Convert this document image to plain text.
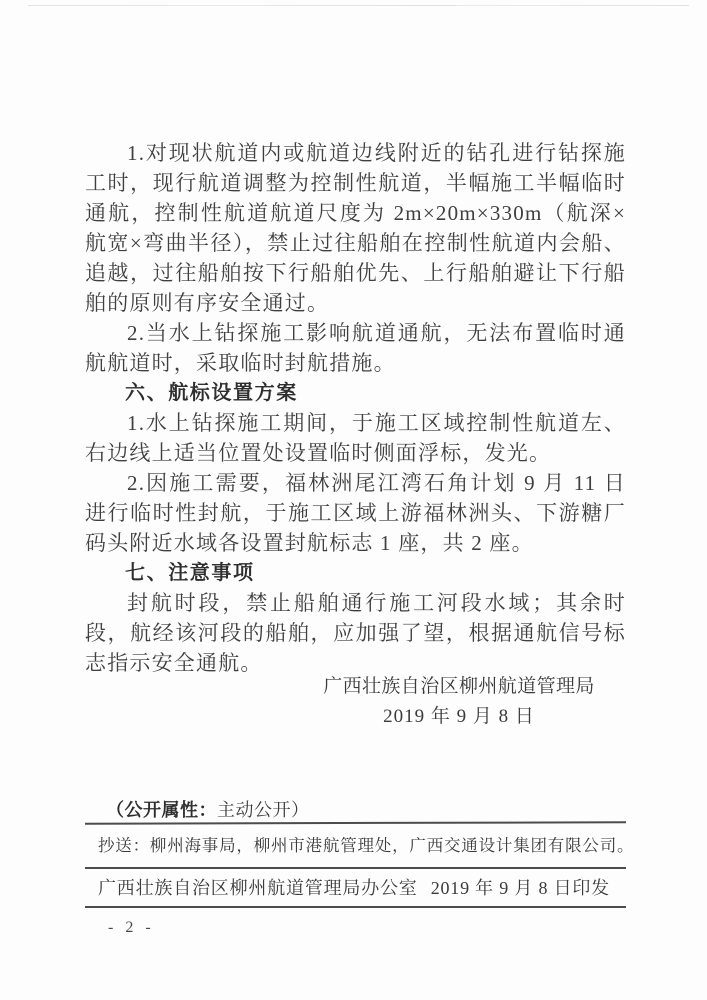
1.对现状航道内或航道边线附近的钻孔进行钻探施工时，现行航道调整为控制性航道，半幅施工半幅临时通航，控制性航道航道尺度为 2m×20m×330m（航深×航宽×弯曲半径），禁止过往船舶在控制性航道内会船、追越，过往船舶按下行船舶优先、上行船舶避让下行船舶的原则有序安全通过。

2.当水上钻探施工影响航道通航，无法布置临时通航航道时，采取临时封航措施。

六、航标设置方案

1.水上钻探施工期间，于施工区域控制性航道左、右边线上适当位置处设置临时侧面浮标，发光。

2.因施工需要，福林洲尾江湾石角计划 9 月 11 日进行临时性封航，于施工区域上游福林洲头、下游糖厂码头附近水域各设置封航标志 1 座，共 2 座。

七、注意事项

封航时段，禁止船舶通行施工河段水域；其余时段，航经该河段的船舶，应加强了望，根据通航信号标志指示安全通航。

广西壮族自治区柳州航道管理局
2019 年 9 月 8 日
（公开属性：主动公开）
抄送：柳州海事局，柳州市港航管理处，广西交通设计集团有限公司。
广西壮族自治区柳州航道管理局办公室 2019 年 9 月 8 日印发
- 2 -
